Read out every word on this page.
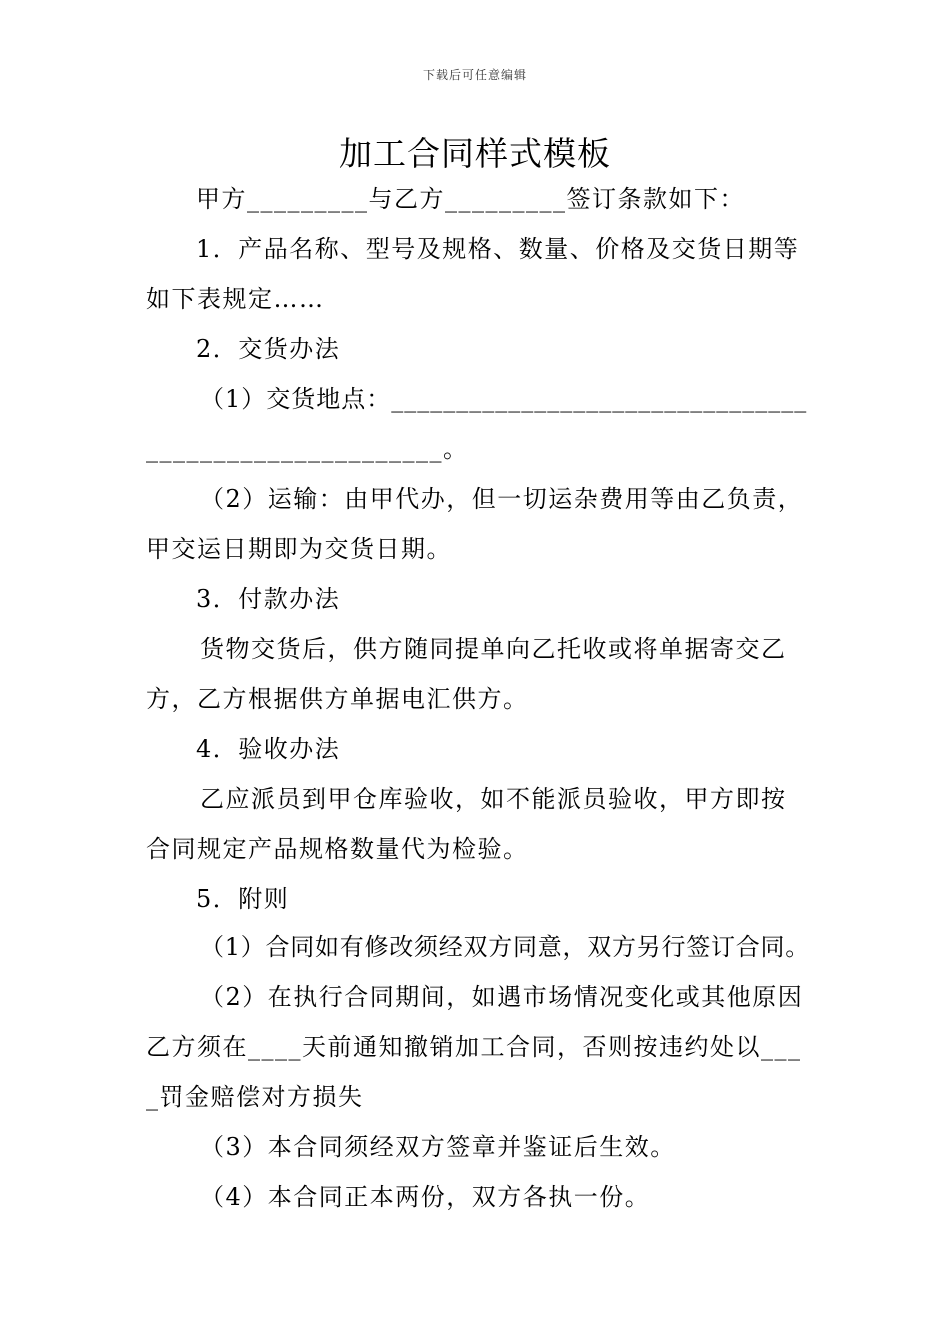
下载后可任意编辑
加工合同样式模板
甲方_________与乙方_________签订条款如下：
1．产品名称、型号及规格、数量、价格及交货日期等
如下表规定……
2．交货办法
（1）交货地点：________________________________
______________________。
（2）运输：由甲代办，但一切运杂费用等由乙负责，
甲交运日期即为交货日期。
3．付款办法
货物交货后，供方随同提单向乙托收或将单据寄交乙
方，乙方根据供方单据电汇供方。
4．验收办法
乙应派员到甲仓库验收，如不能派员验收，甲方即按
合同规定产品规格数量代为检验。
5．附则
（1）合同如有修改须经双方同意，双方另行签订合同。
（2）在执行合同期间，如遇市场情况变化或其他原因
乙方须在____天前通知撤销加工合同，否则按违约处以___
_罚金赔偿对方损失
（3）本合同须经双方签章并鉴证后生效。
（4）本合同正本两份，双方各执一份。
